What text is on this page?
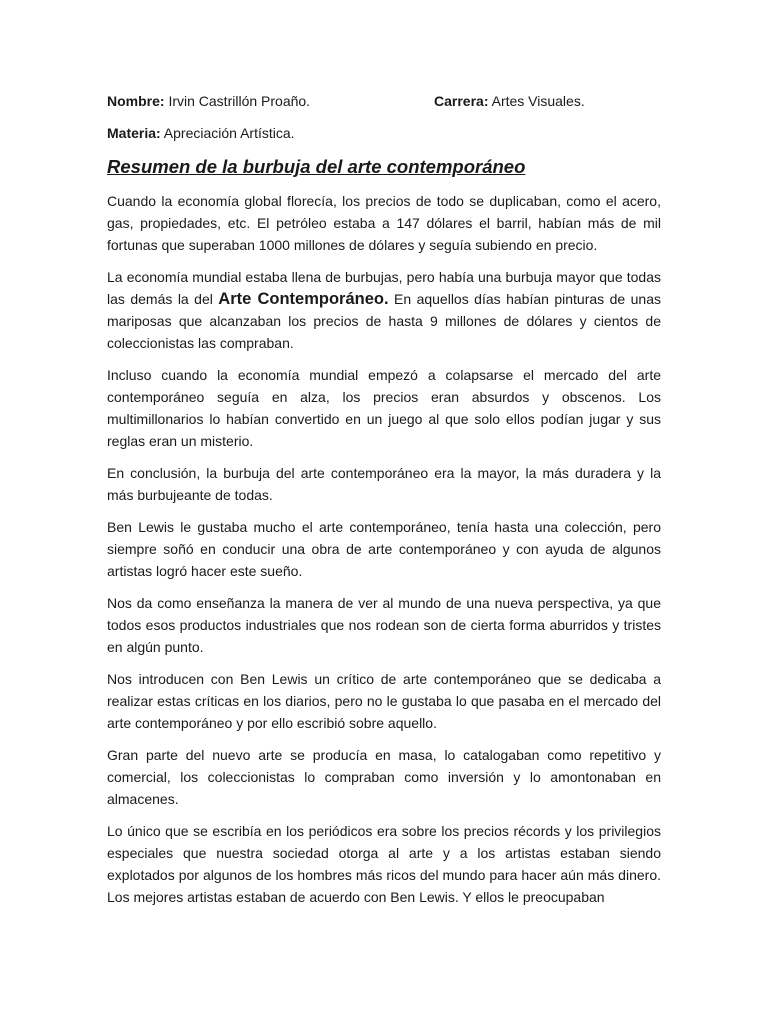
Nombre: Irvin Castrillón Proaño.	Carrera: Artes Visuales.
Materia: Apreciación Artística.
Resumen de la burbuja del arte contemporáneo

Cuando la economía global florecía, los precios de todo se duplicaban, como el acero, gas, propiedades, etc. El petróleo estaba a 147 dólares el barril, habían más de mil fortunas que superaban 1000 millones de dólares y seguía subiendo en precio.

La economía mundial estaba llena de burbujas, pero había una burbuja mayor que todas las demás la del Arte Contemporáneo. En aquellos días habían pinturas de unas mariposas que alcanzaban los precios de hasta 9 millones de dólares y cientos de coleccionistas las compraban.

Incluso cuando la economía mundial empezó a colapsarse el mercado del arte contemporáneo seguía en alza, los precios eran absurdos y obscenos. Los multimillonarios lo habían convertido en un juego al que solo ellos podían jugar y sus reglas eran un misterio.

En conclusión, la burbuja del arte contemporáneo era la mayor, la más duradera y la más burbujeante de todas.

Ben Lewis le gustaba mucho el arte contemporáneo, tenía hasta una colección, pero siempre soñó en conducir una obra de arte contemporáneo y con ayuda de algunos artistas logró hacer este sueño.

Nos da como enseñanza la manera de ver al mundo de una nueva perspectiva, ya que todos esos productos industriales que nos rodean son de cierta forma aburridos y tristes en algún punto.

Nos introducen con Ben Lewis un crítico de arte contemporáneo que se dedicaba a realizar estas críticas en los diarios, pero no le gustaba lo que pasaba en el mercado del arte contemporáneo y por ello escribió sobre aquello.

Gran parte del nuevo arte se producía en masa, lo catalogaban como repetitivo y comercial, los coleccionistas lo compraban como inversión y lo amontonaban en almacenes.

Lo único que se escribía en los periódicos era sobre los precios récords y los privilegios especiales que nuestra sociedad otorga al arte y a los artistas estaban siendo explotados por algunos de los hombres más ricos del mundo para hacer aún más dinero. Los mejores artistas estaban de acuerdo con Ben Lewis. Y ellos le preocupaban
